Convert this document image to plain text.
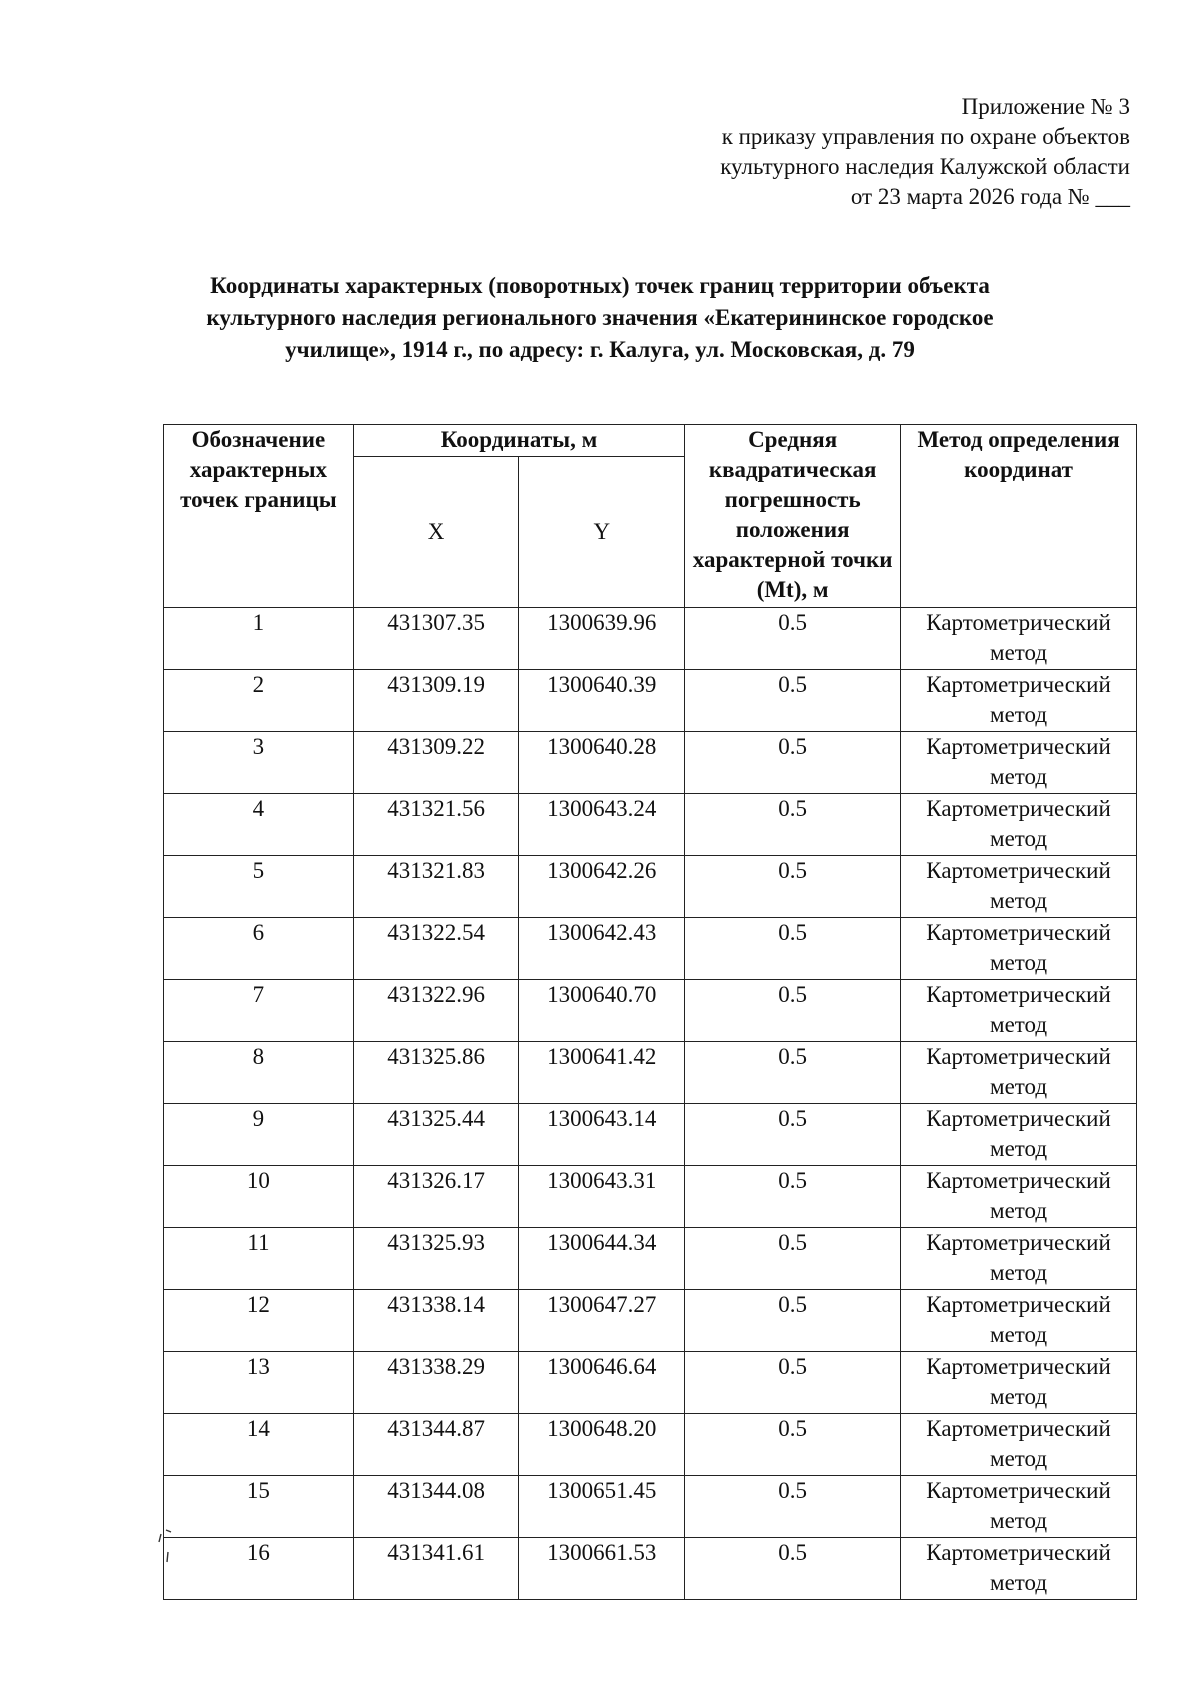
Приложение № 3
к приказу управления по охране объектов
культурного наследия Калужской области
от 23 марта 2026 года № ___
Координаты характерных (поворотных) точек границ территории объекта
культурного наследия регионального значения «Екатерининское городское
училище», 1914 г., по адресу: г. Калуга, ул. Московская, д. 79
Обозначение характерных точек границы	Координаты, м		Средняя квадратическая погрешность положения характерной точки (Mt), м	Метод определения координат
	X	Y		
1	431307.35	1300639.96	0.5	Картометрический метод
2	431309.19	1300640.39	0.5	Картометрический метод
3	431309.22	1300640.28	0.5	Картометрический метод
4	431321.56	1300643.24	0.5	Картометрический метод
5	431321.83	1300642.26	0.5	Картометрический метод
6	431322.54	1300642.43	0.5	Картометрический метод
7	431322.96	1300640.70	0.5	Картометрический метод
8	431325.86	1300641.42	0.5	Картометрический метод
9	431325.44	1300643.14	0.5	Картометрический метод
10	431326.17	1300643.31	0.5	Картометрический метод
11	431325.93	1300644.34	0.5	Картометрический метод
12	431338.14	1300647.27	0.5	Картометрический метод
13	431338.29	1300646.64	0.5	Картометрический метод
14	431344.87	1300648.20	0.5	Картометрический метод
15	431344.08	1300651.45	0.5	Картометрический метод
16	431341.61	1300661.53	0.5	Картометрический метод
